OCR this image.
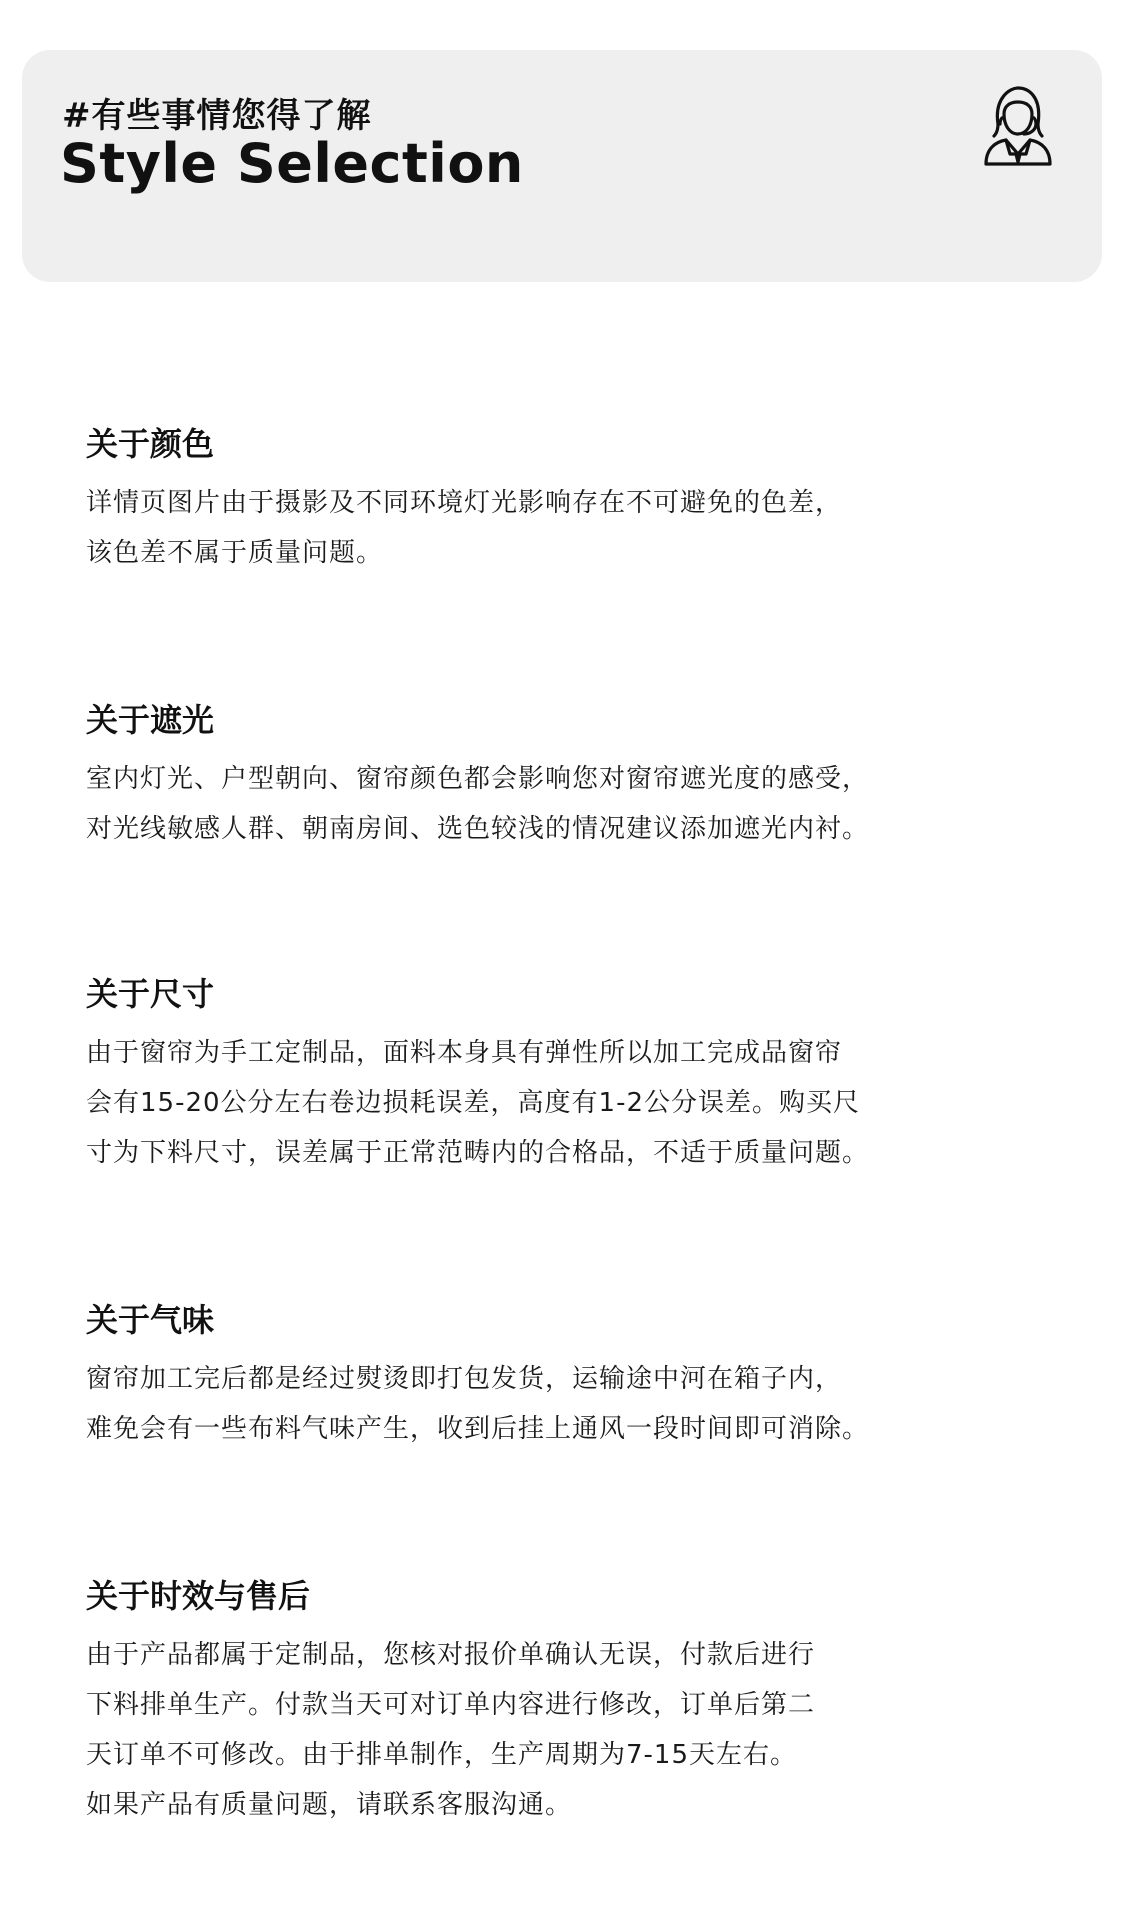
#有些事情您得了解
Style Selection
关于颜色
详情页图片由于摄影及不同环境灯光影响存在不可避免的色差，
该色差不属于质量问题。
关于遮光
室内灯光、户型朝向、窗帘颜色都会影响您对窗帘遮光度的感受，
对光线敏感人群、朝南房间、选色较浅的情况建议添加遮光内衬。
关于尺寸
由于窗帘为手工定制品，面料本身具有弹性所以加工完成品窗帘
会有15-20公分左右卷边损耗误差，高度有1-2公分误差。购买尺
寸为下料尺寸，误差属于正常范畴内的合格品，不适于质量问题。
关于气味
窗帘加工完后都是经过熨烫即打包发货，运输途中河在箱子内，
难免会有一些布料气味产生，收到后挂上通风一段时间即可消除。
关于时效与售后
由于产品都属于定制品，您核对报价单确认无误，付款后进行
下料排单生产。付款当天可对订单内容进行修改，订单后第二
天订单不可修改。由于排单制作，生产周期为7-15天左右。
如果产品有质量问题，请联系客服沟通。
